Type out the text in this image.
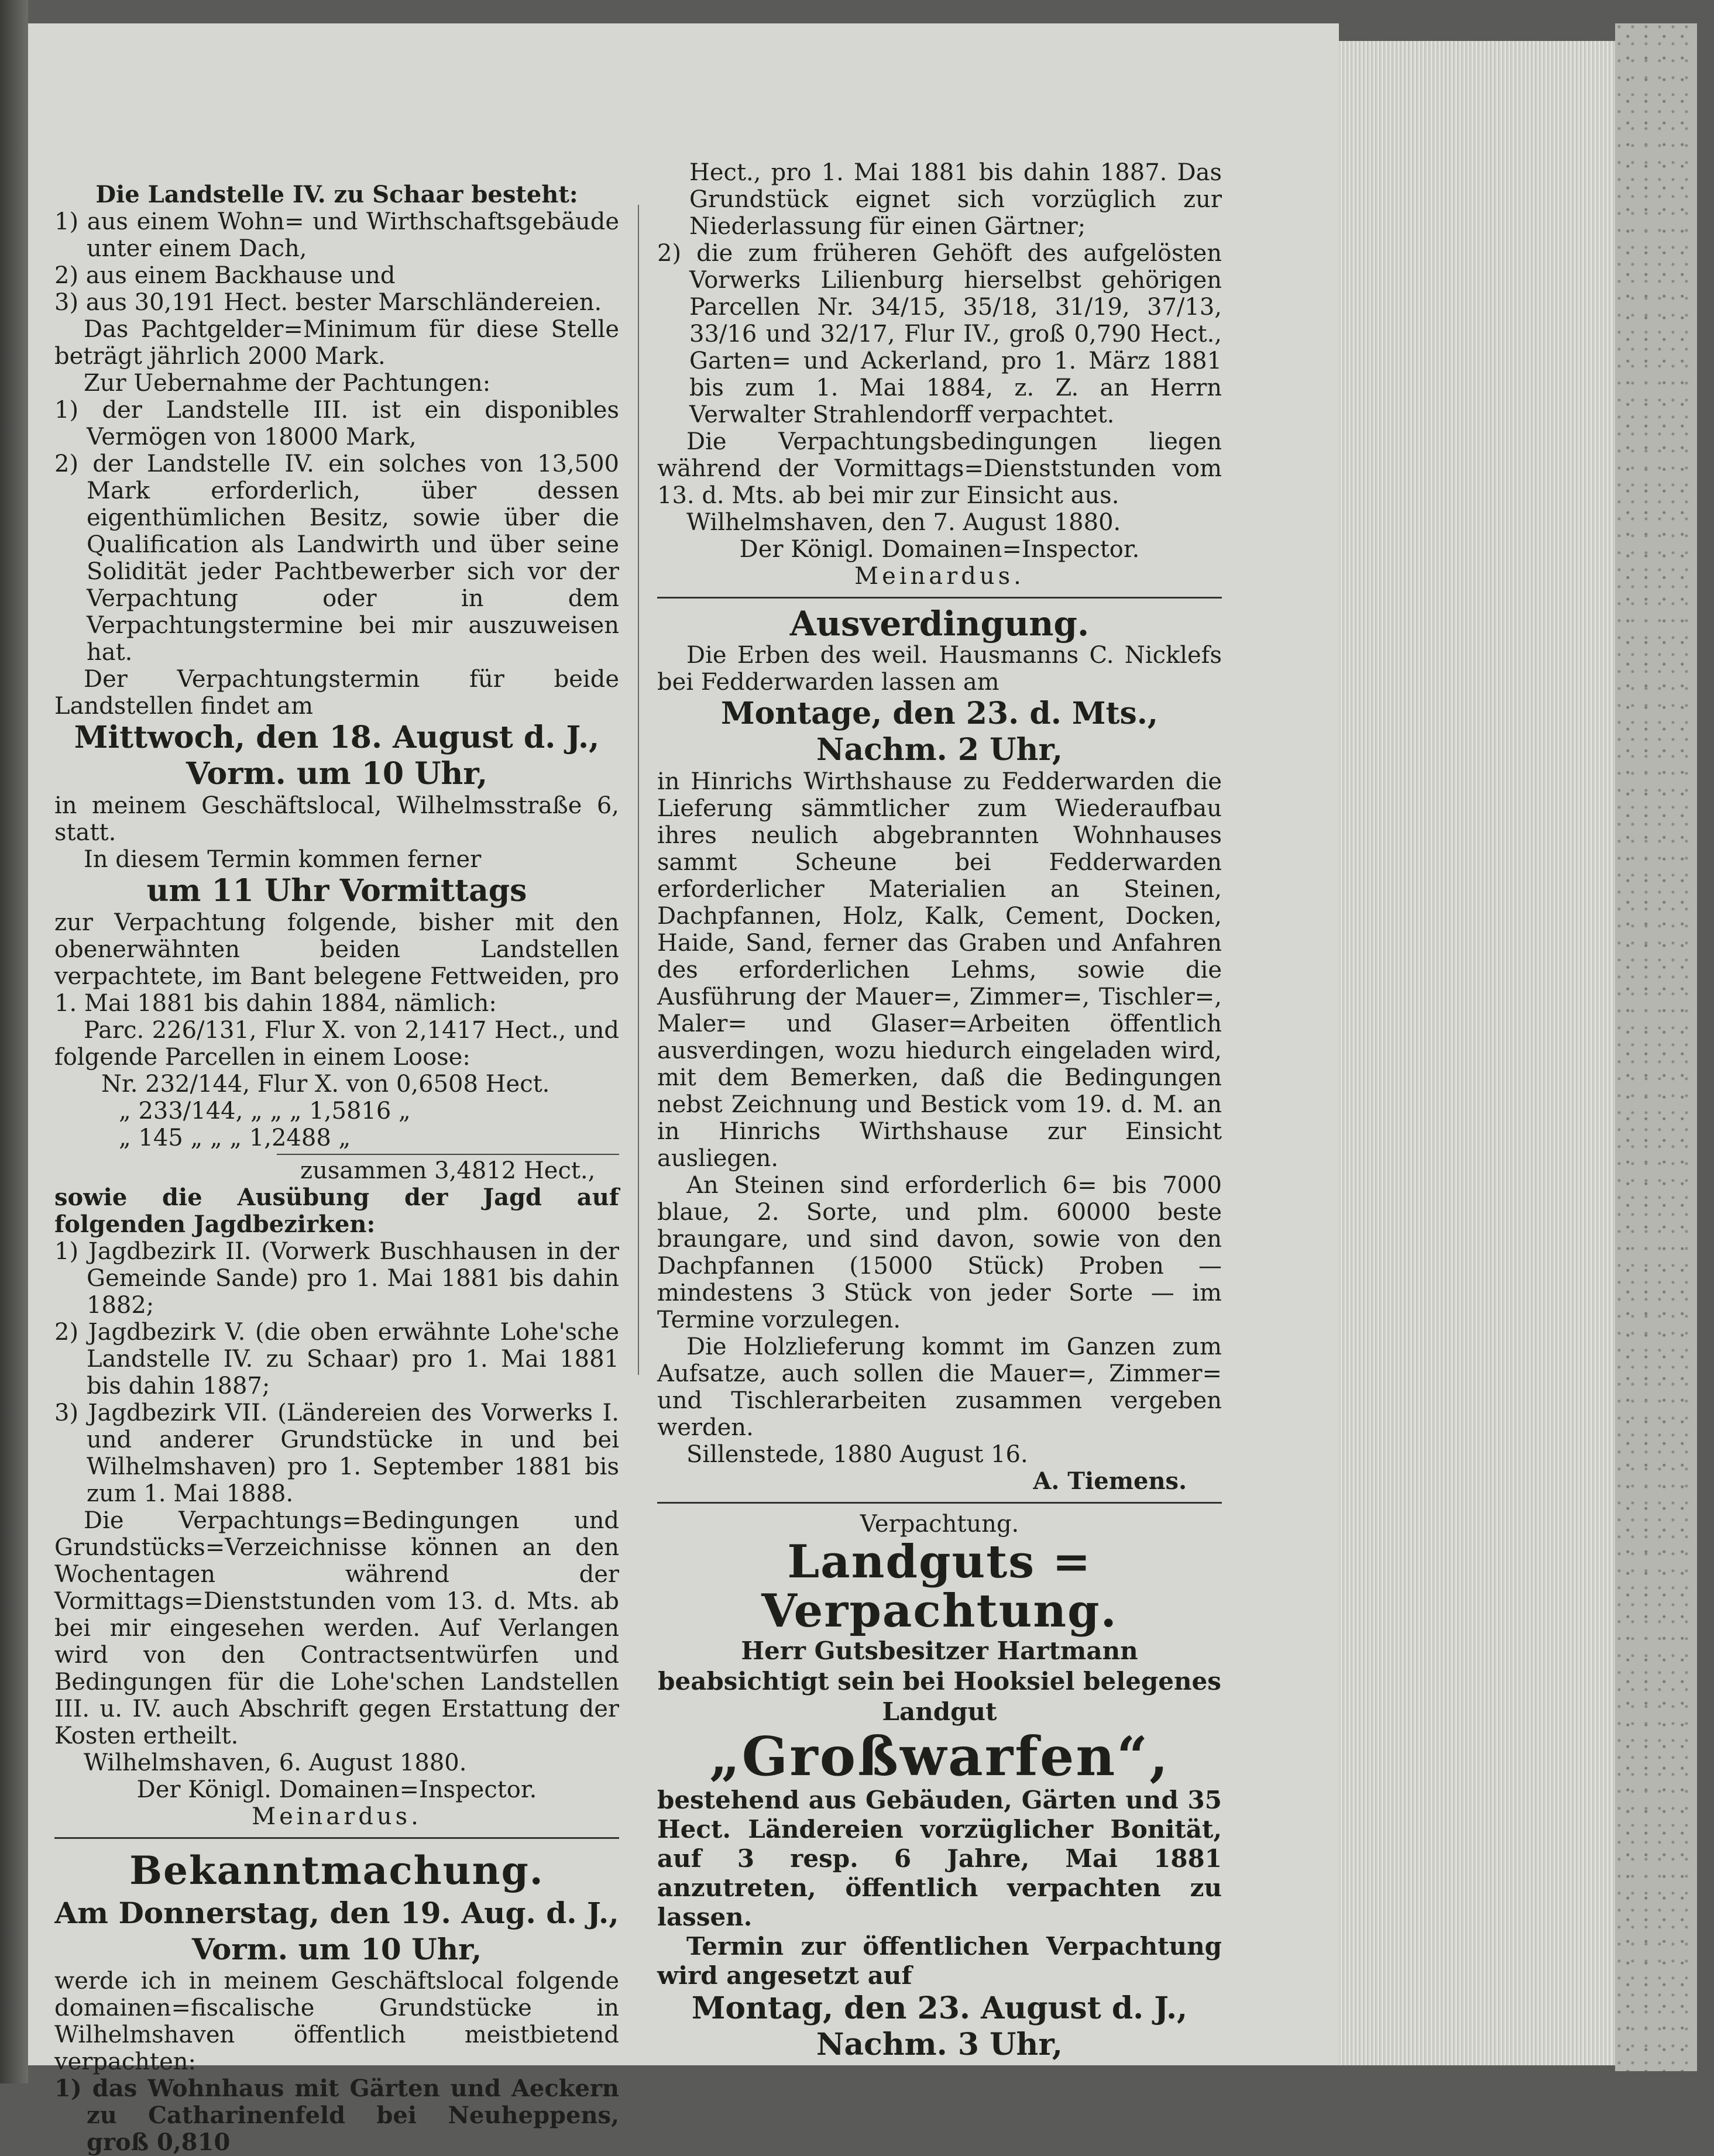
Die Landstelle IV. zu Schaar besteht:

1) aus einem Wohn= und Wirthschaftsgebäude unter einem Dach,

2) aus einem Backhause und

3) aus 30,191 Hect. bester Marschländereien.

Das Pachtgelder=Minimum für diese Stelle beträgt jährlich 2000 Mark.

Zur Uebernahme der Pachtungen:

1) der Landstelle III. ist ein disponibles Vermögen von 18000 Mark,

2) der Landstelle IV. ein solches von 13,500 Mark erforderlich, über dessen eigenthümlichen Besitz, sowie über die Qualification als Landwirth und über seine Solidität jeder Pachtbewerber sich vor der Verpachtung oder in dem Verpachtungstermine bei mir auszuweisen hat.

Der Verpachtungstermin für beide Landstellen findet am

Mittwoch, den 18. August d. J.,

Vorm. um 10 Uhr,

in meinem Geschäftslocal, Wilhelmsstraße 6, statt.

In diesem Termin kommen ferner

um 11 Uhr Vormittags

zur Verpachtung folgende, bisher mit den obenerwähnten beiden Landstellen verpachtete, im Bant belegene Fettweiden, pro 1. Mai 1881 bis dahin 1884, nämlich:

Parc. 226/131, Flur X. von 2,1417 Hect., und folgende Parcellen in einem Loose:

Nr. 232/144, Flur X. von 0,6508 Hect.

„ 233/144, „ „ „ 1,5816 „

„ 145 „ „ „ 1,2488 „

zusammen 3,4812 Hect.,

sowie die Ausübung der Jagd auf folgenden Jagdbezirken:

1) Jagdbezirk II. (Vorwerk Buschhausen in der Gemeinde Sande) pro 1. Mai 1881 bis dahin 1882;

2) Jagdbezirk V. (die oben erwähnte Lohe'sche Landstelle IV. zu Schaar) pro 1. Mai 1881 bis dahin 1887;

3) Jagdbezirk VII. (Ländereien des Vorwerks I. und anderer Grundstücke in und bei Wilhelmshaven) pro 1. September 1881 bis zum 1. Mai 1888.

Die Verpachtungs=Bedingungen und Grundstücks=Verzeichnisse können an den Wochentagen während der Vormittags=Dienststunden vom 13. d. Mts. ab bei mir eingesehen werden. Auf Verlangen wird von den Contractsentwürfen und Bedingungen für die Lohe'schen Landstellen III. u. IV. auch Abschrift gegen Erstattung der Kosten ertheilt.

Wilhelmshaven, 6. August 1880.

Der Königl. Domainen=Inspector.

Meinardus.

Bekanntmachung.

Am Donnerstag, den 19. Aug. d. J.,

Vorm. um 10 Uhr,

werde ich in meinem Geschäftslocal folgende domainen=fiscalische Grundstücke in Wilhelmshaven öffentlich meistbietend verpachten:

1) das Wohnhaus mit Gärten und Aeckern zu Catharinenfeld bei Neuheppens, groß 0,810

Hect., pro 1. Mai 1881 bis dahin 1887. Das Grundstück eignet sich vorzüglich zur Niederlassung für einen Gärtner;

2) die zum früheren Gehöft des aufgelösten Vorwerks Lilienburg hierselbst gehörigen Parcellen Nr. 34/15, 35/18, 31/19, 37/13, 33/16 und 32/17, Flur IV., groß 0,790 Hect., Garten= und Ackerland, pro 1. März 1881 bis zum 1. Mai 1884, z. Z. an Herrn Verwalter Strahlendorff verpachtet.

Die Verpachtungsbedingungen liegen während der Vormittags=Dienststunden vom 13. d. Mts. ab bei mir zur Einsicht aus.

Wilhelmshaven, den 7. August 1880.

Der Königl. Domainen=Inspector.

Meinardus.

Ausverdingung.

Die Erben des weil. Hausmanns C. Nicklefs bei Fedderwarden lassen am

Montage, den 23. d. Mts.,

Nachm. 2 Uhr,

in Hinrichs Wirthshause zu Fedderwarden die Lieferung sämmtlicher zum Wiederaufbau ihres neulich abgebrannten Wohnhauses sammt Scheune bei Fedderwarden erforderlicher Materialien an Steinen, Dachpfannen, Holz, Kalk, Cement, Docken, Haide, Sand, ferner das Graben und Anfahren des erforderlichen Lehms, sowie die Ausführung der Mauer=, Zimmer=, Tischler=, Maler= und Glaser=Arbeiten öffentlich ausverdingen, wozu hiedurch eingeladen wird, mit dem Bemerken, daß die Bedingungen nebst Zeichnung und Bestick vom 19. d. M. an in Hinrichs Wirthshause zur Einsicht ausliegen.

An Steinen sind erforderlich 6= bis 7000 blaue, 2. Sorte, und plm. 60000 beste braungare, und sind davon, sowie von den Dachpfannen (15000 Stück) Proben — mindestens 3 Stück von jeder Sorte — im Termine vorzulegen.

Die Holzlieferung kommt im Ganzen zum Aufsatze, auch sollen die Mauer=, Zimmer= und Tischlerarbeiten zusammen vergeben werden.

Sillenstede, 1880 August 16.

A. Tiemens.

Verpachtung.

Landguts = Verpachtung.

Herr Gutsbesitzer Hartmann beabsichtigt sein bei Hooksiel belegenes Landgut

„Großwarfen“,

bestehend aus Gebäuden, Gärten und 35 Hect. Ländereien vorzüglicher Bonität, auf 3 resp. 6 Jahre, Mai 1881 anzutreten, öffentlich verpachten zu lassen.

Termin zur öffentlichen Verpachtung wird angesetzt auf

Montag, den 23. August d. J.,

Nachm. 3 Uhr,
